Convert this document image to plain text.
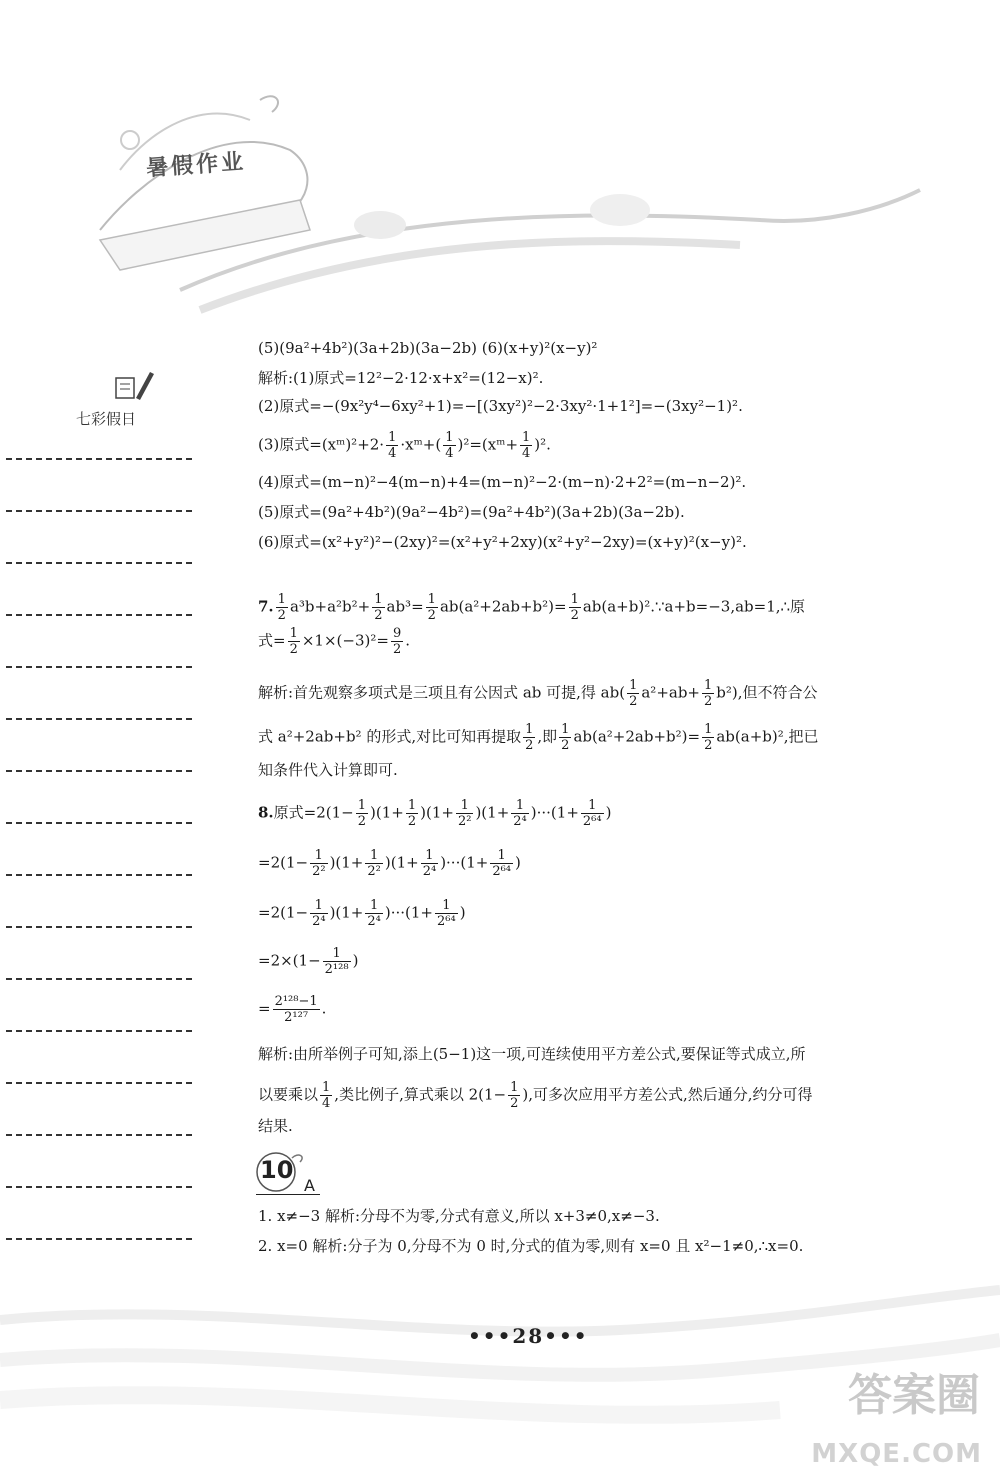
暑假作业
七彩假日
(5)(9a²+4b²)(3a+2b)(3a−2b) (6)(x+y)²(x−y)²
解析:(1)原式=12²−2·12·x+x²=(12−x)².
(2)原式=−(9x²y⁴−6xy²+1)=−[(3xy²)²−2·3xy²·1+1²]=−(3xy²−1)².
(3)原式=(xᵐ)²+2· $\frac{1}{4}$ ·xᵐ+( $\frac{1}{4}$ )²=(xᵐ+ $\frac{1}{4} )^2$.
(4)原式=(m−n)²−4(m−n)+4=(m−n)²−2·(m−n)·2+2²=(m−n−2)².
(5)原式=(9a²+4b²)(9a²−4b²)=(9a²+4b²)(3a+2b)(3a−2b).
(6)原式=(x²+y²)²−(2xy)²=(x²+y²+2xy)(x²+y²−2xy)=(x+y)²(x−y)².
7. $\frac{1}{2} a^3b+a^2b^2+ \frac{1}{2} ab^3= \frac{1}{2} ab(a^2+2ab+b^2)= \frac{1}{2}$ ab(a+b)².∵a+b=−3,ab=1,∴原
式= $\frac{1}{2} \times 1\times(-3)^2= \frac{9}{2}$ .
解析:首先观察多项式是三项且有公因式 ab 可提,得 $ab( \frac{1}{2} a^2+ab+ \frac{1}{2} b^2)$,但不符合公
式 a²+2ab+b² 的形式,对比可知再提取 $\frac{1}{2}$ ,即 $\frac{1}{2} ab(a^2+2ab+b^2)= \frac{1}{2} ab(a+b)^2$,把已
知条件代入计算即可.
8.原式$=2(1- \frac{1}{2} )(1+ \frac{1}{2} )(1+ \frac{1}{\text{2²}} )(1+ \frac{1}{\text{2⁴}} )\cdot\cdot\cdot(1+ \frac{1}{\text{2⁶⁴}}$ )
$=2(1- \frac{1}{\text{2²}} )(1+ \frac{1}{\text{2²}} )(1+ \frac{1}{\text{2⁴}} )\cdot\cdot\cdot(1+ \frac{1}{\text{2⁶⁴}}$ )
$=2(1- \frac{1}{\text{2⁴}} )(1+ \frac{1}{\text{2⁴}} )\cdot\cdot\cdot(1+ \frac{1}{\text{2⁶⁴}}$ )
$=2\times(1- \frac{1}{\text{2¹²⁸}}$ )
= $\frac{\text{2¹²⁸−1}}{\text{2¹²⁷}}$ .
解析:由所举例子可知,添上(5−1)这一项,可连续使用平方差公式,要保证等式成立,所
以要乘以 $\frac{1}{4}$ ,类比例子,算式乘以 $2(1- \frac{1}{2}$ ),可多次应用平方差公式,然后通分,约分可得
结果.
1. x≠−3 解析:分母不为零,分式有意义,所以 x+3≠0,x≠−3.
2. x=0 解析:分子为 0,分母不为 0 时,分式的值为零,则有 x=0 且 x²−1≠0,∴x=0.
10
A
•••28•••
答案圈
MXQE.COM
